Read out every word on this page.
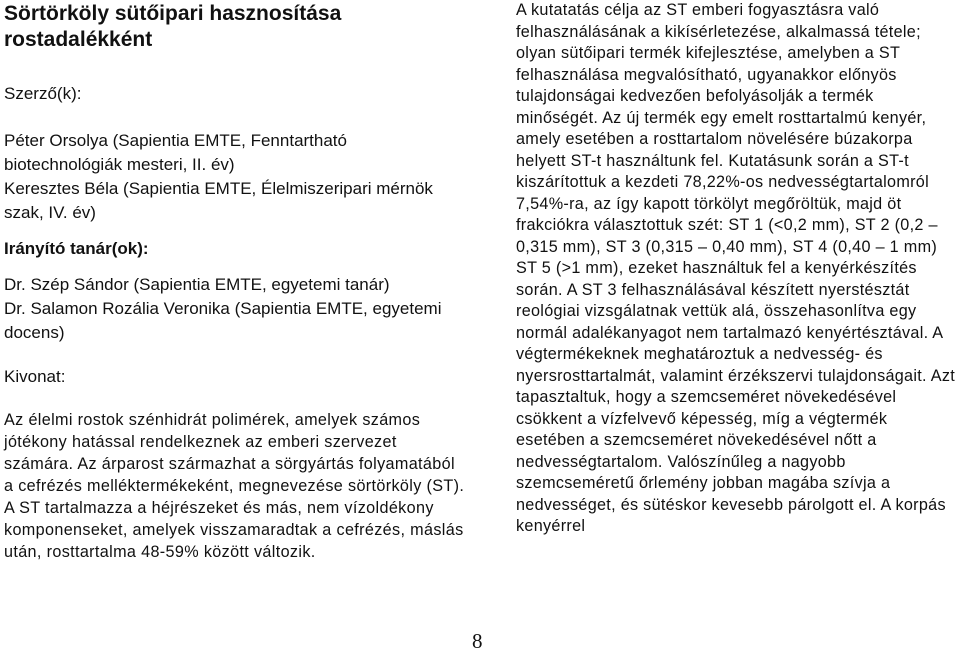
Sörtörköly sütőipari hasznosítása rostadalékként
Szerző(k):
Péter Orsolya (Sapientia EMTE, Fenntartható biotechnológiák mesteri, II. év)
Keresztes Béla (Sapientia EMTE, Élelmiszeripari mérnök szak, IV. év)
Irányító tanár(ok):
Dr. Szép Sándor (Sapientia EMTE, egyetemi tanár)
Dr. Salamon Rozália Veronika (Sapientia EMTE, egyetemi docens)
Kivonat:
Az élelmi rostok szénhidrát polimérek, amelyek számos jótékony hatással rendelkeznek az emberi szervezet számára. Az árparost származhat a sörgyártás folyamatából a cefrézés melléktermékeként, megnevezése sörtörköly (ST). A ST tartalmazza a héjrészeket és más, nem vízoldékony komponenseket, amelyek visszamaradtak a cefrézés, máslás után, rosttartalma 48-59% között változik.
A kutatatás célja az ST emberi fogyasztásra való felhasználásának a kikísérletezése, alkalmassá tétele; olyan sütőipari termék kifejlesztése, amelyben a ST felhasználása megvalósítható, ugyanakkor előnyös tulajdonságai kedvezően befolyásolják a termék minőségét. Az új termék egy emelt rosttartalmú kenyér, amely esetében a rosttartalom növelésére búzakorpa helyett ST-t használtunk fel. Kutatásunk során a ST-t kiszárítottuk a kezdeti 78,22%-os nedvességtartalomról 7,54%-ra, az így kapott törkölyt megőröltük, majd öt frakciókra választottuk szét: ST 1 (<0,2 mm), ST 2 (0,2 – 0,315 mm), ST 3 (0,315 – 0,40 mm), ST 4 (0,40 – 1 mm) ST 5 (>1 mm), ezeket használtuk fel a kenyérkészítés során. A ST 3 felhasználásával készített nyerstésztát reológiai vizsgálatnak vettük alá, összehasonlítva egy normál adalékanyagot nem tartalmazó kenyértésztával. A végtermékeknek meghatároztuk a nedvesség- és nyersrosttartalmát, valamint érzékszervi tulajdonságait. Azt tapasztaltuk, hogy a szemcseméret növekedésével csökkent a vízfelvevő képesség, míg a végtermék esetében a szemcseméret növekedésével nőtt a nedvességtartalom. Valószínűleg a nagyobb szemcseméretű őrlemény jobban magába szívja a nedvességet, és sütéskor kevesebb párolgott el. A korpás kenyérrel
8
